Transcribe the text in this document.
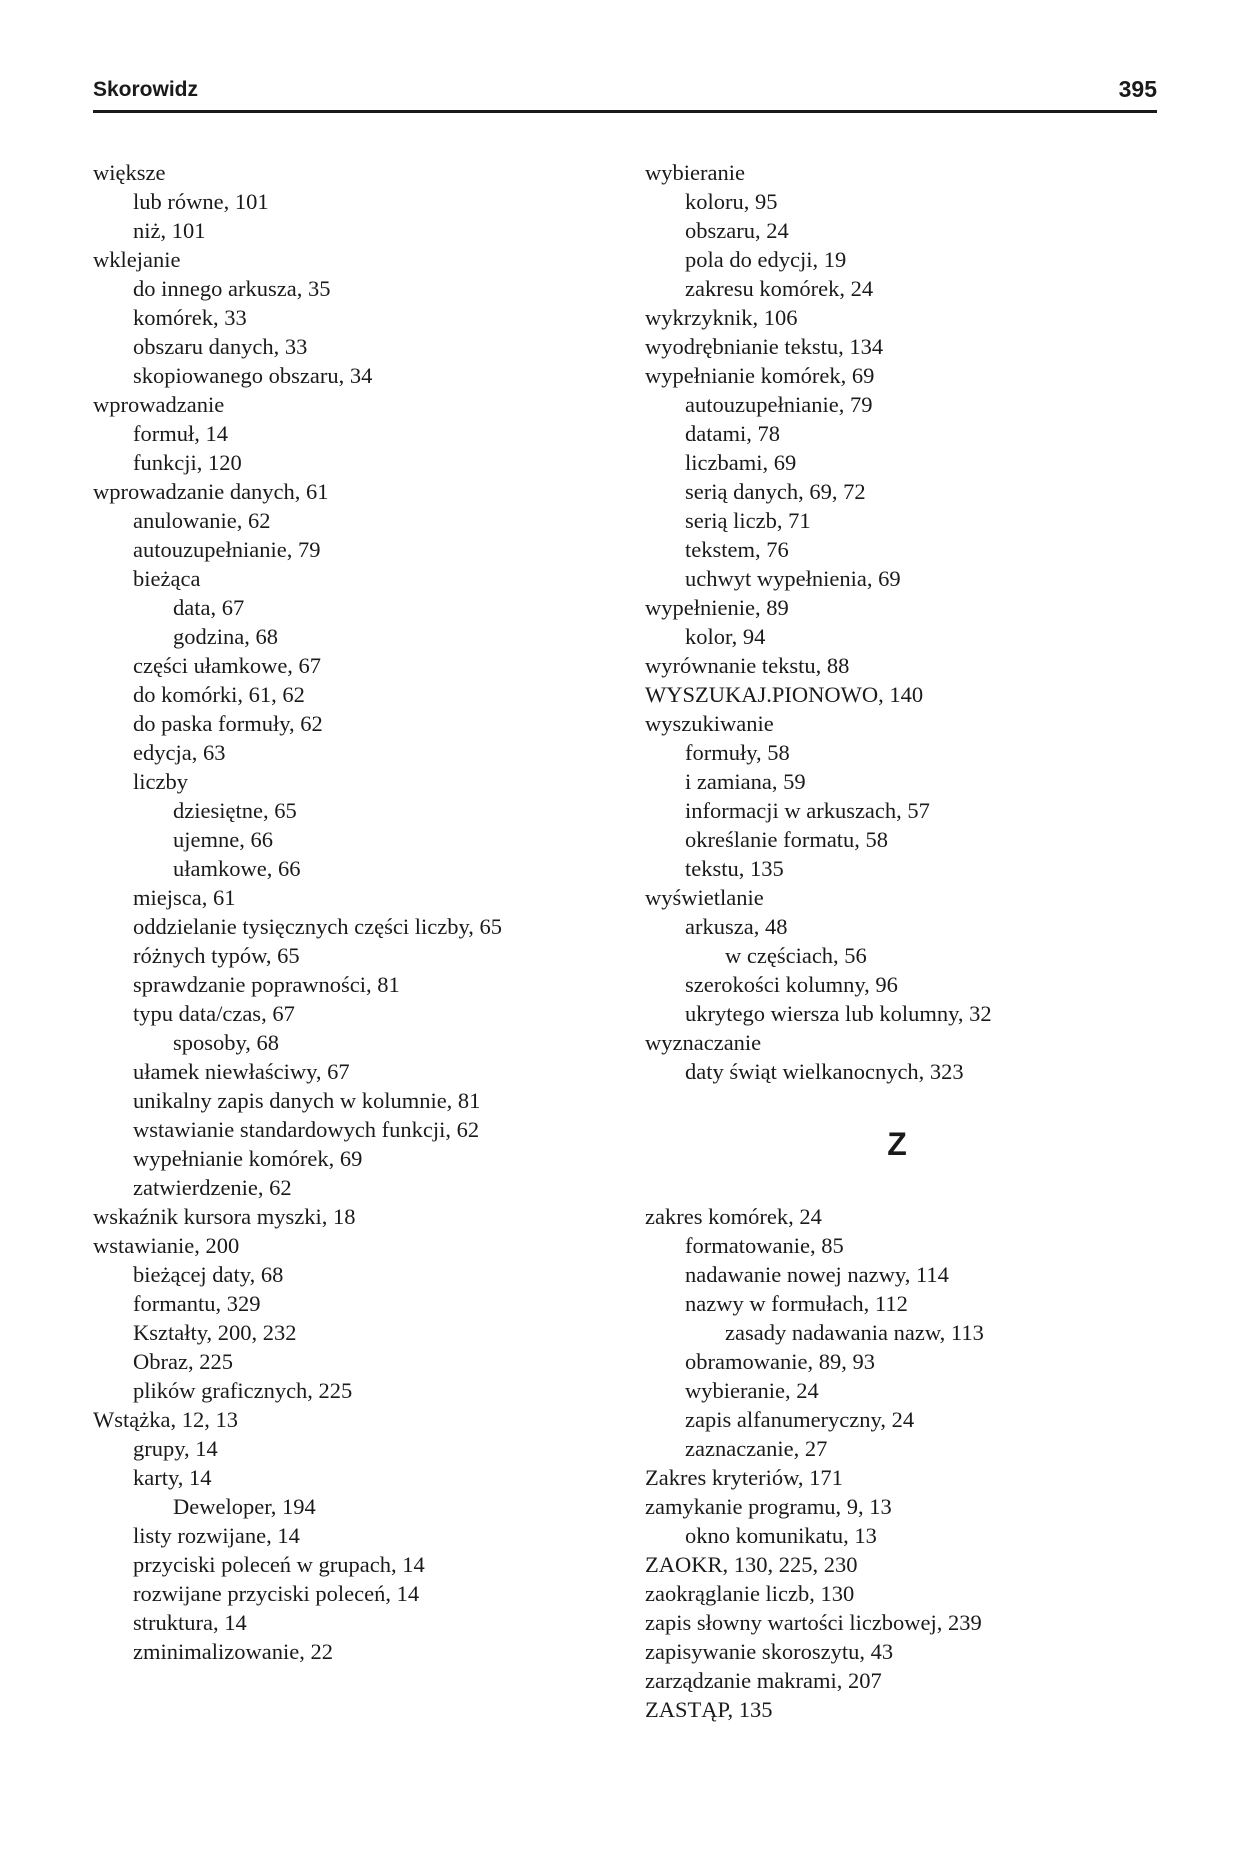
Skorowidz	395
większe
lub równe, 101
niż, 101
wklejanie
do innego arkusza, 35
komórek, 33
obszaru danych, 33
skopiowanego obszaru, 34
wprowadzanie
formuł, 14
funkcji, 120
wprowadzanie danych, 61
anulowanie, 62
autouzupełnianie, 79
bieżąca
data, 67
godzina, 68
części ułamkowe, 67
do komórki, 61, 62
do paska formuły, 62
edycja, 63
liczby
dziesiętne, 65
ujemne, 66
ułamkowe, 66
miejsca, 61
oddzielanie tysięcznych części liczby, 65
różnych typów, 65
sprawdzanie poprawności, 81
typu data/czas, 67
sposoby, 68
ułamek niewłaściwy, 67
unikalny zapis danych w kolumnie, 81
wstawianie standardowych funkcji, 62
wypełnianie komórek, 69
zatwierdzenie, 62
wskaźnik kursora myszki, 18
wstawianie, 200
bieżącej daty, 68
formantu, 329
Kształty, 200, 232
Obraz, 225
plików graficznych, 225
Wstążka, 12, 13
grupy, 14
karty, 14
Deweloper, 194
listy rozwijane, 14
przyciski poleceń w grupach, 14
rozwijane przyciski poleceń, 14
struktura, 14
zminimalizowanie, 22
wybieranie
koloru, 95
obszaru, 24
pola do edycji, 19
zakresu komórek, 24
wykrzyknik, 106
wyodrębnianie tekstu, 134
wypełnianie komórek, 69
autouzupełnianie, 79
datami, 78
liczbami, 69
serią danych, 69, 72
serią liczb, 71
tekstem, 76
uchwyt wypełnienia, 69
wypełnienie, 89
kolor, 94
wyrównanie tekstu, 88
WYSZUKAJ.PIONOWO, 140
wyszukiwanie
formuły, 58
i zamiana, 59
informacji w arkuszach, 57
określanie formatu, 58
tekstu, 135
wyświetlanie
arkusza, 48
w częściach, 56
szerokości kolumny, 96
ukrytego wiersza lub kolumny, 32
wyznaczanie
daty świąt wielkanocnych, 323
Z
zakres komórek, 24
formatowanie, 85
nadawanie nowej nazwy, 114
nazwy w formułach, 112
zasady nadawania nazw, 113
obramowanie, 89, 93
wybieranie, 24
zapis alfanumeryczny, 24
zaznaczanie, 27
Zakres kryteriów, 171
zamykanie programu, 9, 13
okno komunikatu, 13
ZAOKR, 130, 225, 230
zaokrąglanie liczb, 130
zapis słowny wartości liczbowej, 239
zapisywanie skoroszytu, 43
zarządzanie makrami, 207
ZASTĄP, 135
